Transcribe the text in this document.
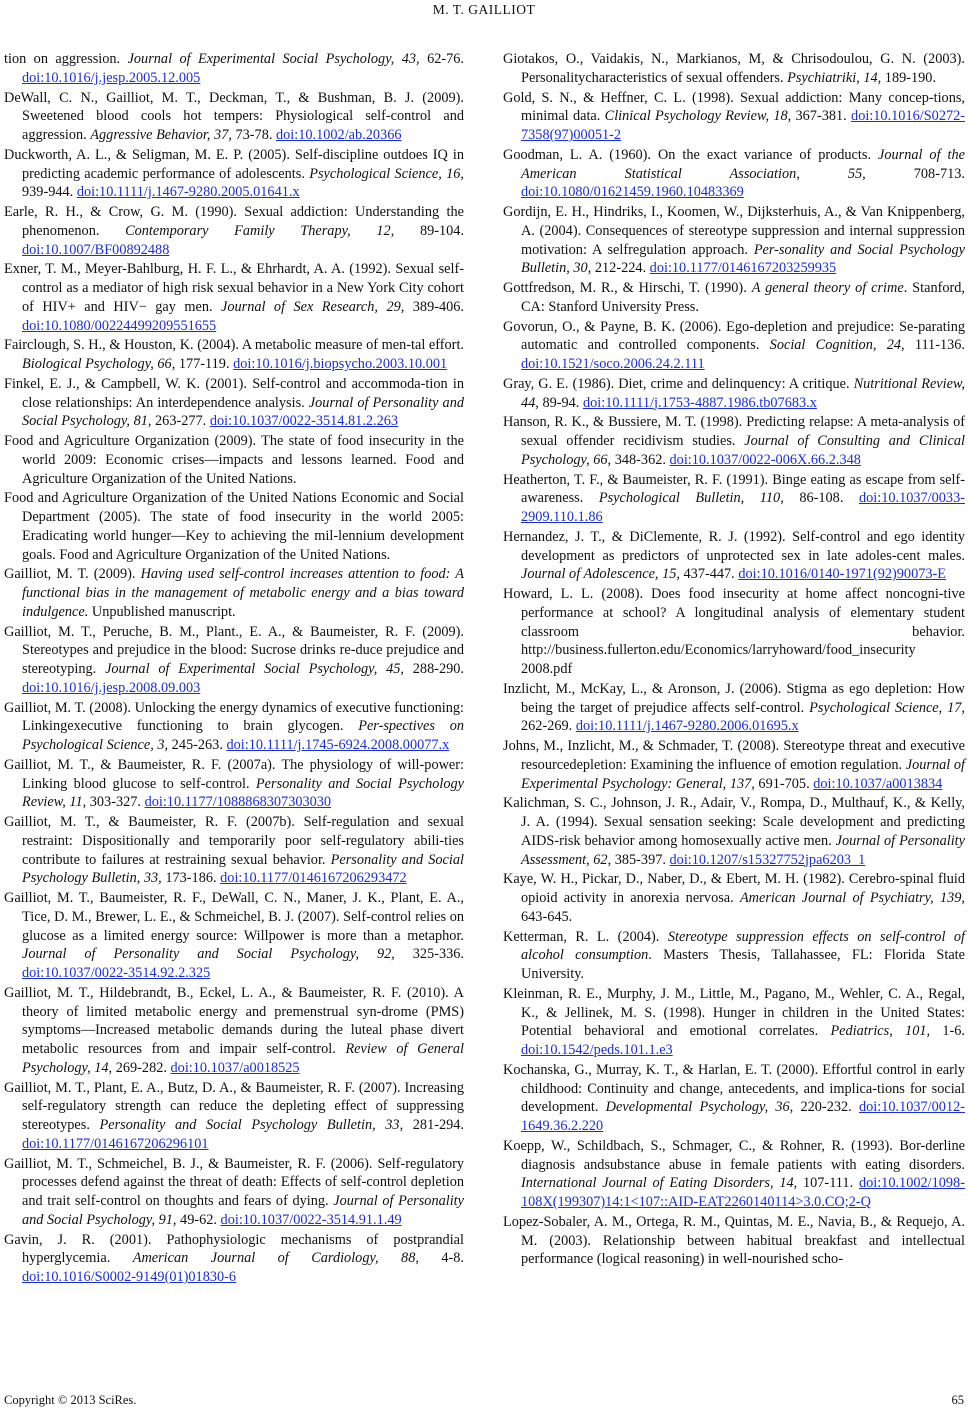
M. T. GAILLIOT

tion on aggression. Journal of Experimental Social Psychology, 43, 62-76. doi:10.1016/j.jesp.2005.12.005

DeWall, C. N., Gailliot, M. T., Deckman, T., & Bushman, B. J. (2009). Sweetened blood cools hot tempers: Physiological self-control and aggression. Aggressive Behavior, 37, 73-78. doi:10.1002/ab.20366

Duckworth, A. L., & Seligman, M. E. P. (2005). Self-discipline outdoes IQ in predicting academic performance of adolescents. Psychological Science, 16, 939-944. doi:10.1111/j.1467-9280.2005.01641.x

Earle, R. H., & Crow, G. M. (1990). Sexual addiction: Understanding the phenomenon. Contemporary Family Therapy, 12, 89-104. doi:10.1007/BF00892488

Exner, T. M., Meyer-Bahlburg, H. F. L., & Ehrhardt, A. A. (1992). Sexual self-control as a mediator of high risk sexual behavior in a New York City cohort of HIV+ and HIV− gay men. Journal of Sex Research, 29, 389-406. doi:10.1080/00224499209551655

Fairclough, S. H., & Houston, K. (2004). A metabolic measure of men-tal effort. Biological Psychology, 66, 177-119. doi:10.1016/j.biopsycho.2003.10.001

Finkel, E. J., & Campbell, W. K. (2001). Self-control and accommoda-tion in close relationships: An interdependence analysis. Journal of Personality and Social Psychology, 81, 263-277. doi:10.1037/0022-3514.81.2.263

Food and Agriculture Organization (2009). The state of food insecurity in the world 2009: Economic crises—impacts and lessons learned. Food and Agriculture Organization of the United Nations.

Food and Agriculture Organization of the United Nations Economic and Social Department (2005). The state of food insecurity in the world 2005: Eradicating world hunger—Key to achieving the mil-lennium development goals. Food and Agriculture Organization of the United Nations.

Gailliot, M. T. (2009). Having used self-control increases attention to food: A functional bias in the management of metabolic energy and a bias toward indulgence. Unpublished manuscript.

Gailliot, M. T., Peruche, B. M., Plant., E. A., & Baumeister, R. F. (2009). Stereotypes and prejudice in the blood: Sucrose drinks re-duce prejudice and stereotyping. Journal of Experimental Social Psychology, 45, 288-290. doi:10.1016/j.jesp.2008.09.003

Gailliot, M. T. (2008). Unlocking the energy dynamics of executive functioning: Linkingexecutive functioning to brain glycogen. Per-spectives on Psychological Science, 3, 245-263. doi:10.1111/j.1745-6924.2008.00077.x

Gailliot, M. T., & Baumeister, R. F. (2007a). The physiology of will-power: Linking blood glucose to self-control. Personality and Social Psychology Review, 11, 303-327. doi:10.1177/1088868307303030

Gailliot, M. T., & Baumeister, R. F. (2007b). Self-regulation and sexual restraint: Dispositionally and temporarily poor self-regulatory abili-ties contribute to failures at restraining sexual behavior. Personality and Social Psychology Bulletin, 33, 173-186. doi:10.1177/0146167206293472

Gailliot, M. T., Baumeister, R. F., DeWall, C. N., Maner, J. K., Plant, E. A., Tice, D. M., Brewer, L. E., & Schmeichel, B. J. (2007). Self-control relies on glucose as a limited energy source: Willpower is more than a metaphor. Journal of Personality and Social Psychology, 92, 325-336. doi:10.1037/0022-3514.92.2.325

Gailliot, M. T., Hildebrandt, B., Eckel, L. A., & Baumeister, R. F. (2010). A theory of limited metabolic energy and premenstrual syn-drome (PMS) symptoms—Increased metabolic demands during the luteal phase divert metabolic resources from and impair self-control. Review of General Psychology, 14, 269-282. doi:10.1037/a0018525

Gailliot, M. T., Plant, E. A., Butz, D. A., & Baumeister, R. F. (2007). Increasing self-regulatory strength can reduce the depleting effect of suppressing stereotypes. Personality and Social Psychology Bulletin, 33, 281-294. doi:10.1177/0146167206296101

Gailliot, M. T., Schmeichel, B. J., & Baumeister, R. F. (2006). Self-regulatory processes defend against the threat of death: Effects of self-control depletion and trait self-control on thoughts and fears of dying. Journal of Personality and Social Psychology, 91, 49-62. doi:10.1037/0022-3514.91.1.49

Gavin, J. R. (2001). Pathophysiologic mechanisms of postprandial hyperglycemia. American Journal of Cardiology, 88, 4-8. doi:10.1016/S0002-9149(01)01830-6

Giotakos, O., Vaidakis, N., Markianos, M, & Chrisodoulou, G. N. (2003). Personalitycharacteristics of sexual offenders. Psychiatriki, 14, 189-190.

Gold, S. N., & Heffner, C. L. (1998). Sexual addiction: Many concep-tions, minimal data. Clinical Psychology Review, 18, 367-381. doi:10.1016/S0272-7358(97)00051-2

Goodman, L. A. (1960). On the exact variance of products. Journal of the American Statistical Association, 55, 708-713. doi:10.1080/01621459.1960.10483369

Gordijn, E. H., Hindriks, I., Koomen, W., Dijksterhuis, A., & Van Knippenberg, A. (2004). Consequences of stereotype suppression and internal suppression motivation: A selfregulation approach. Per-sonality and Social Psychology Bulletin, 30, 212-224. doi:10.1177/0146167203259935

Gottfredson, M. R., & Hirschi, T. (1990). A general theory of crime. Stanford, CA: Stanford University Press.

Govorun, O., & Payne, B. K. (2006). Ego-depletion and prejudice: Se-parating automatic and controlled components. Social Cognition, 24, 111-136. doi:10.1521/soco.2006.24.2.111

Gray, G. E. (1986). Diet, crime and delinquency: A critique. Nutritional Review, 44, 89-94. doi:10.1111/j.1753-4887.1986.tb07683.x

Hanson, R. K., & Bussiere, M. T. (1998). Predicting relapse: A meta-analysis of sexual offender recidivism studies. Journal of Consulting and Clinical Psychology, 66, 348-362. doi:10.1037/0022-006X.66.2.348

Heatherton, T. F., & Baumeister, R. F. (1991). Binge eating as escape from self-awareness. Psychological Bulletin, 110, 86-108. doi:10.1037/0033-2909.110.1.86

Hernandez, J. T., & DiClemente, R. J. (1992). Self-control and ego identity development as predictors of unprotected sex in late adoles-cent males. Journal of Adolescence, 15, 437-447. doi:10.1016/0140-1971(92)90073-E

Howard, L. L. (2008). Does food insecurity at home affect noncogni-tive performance at school? A longitudinal analysis of elementary student classroom behavior. http://business.fullerton.edu/Economics/larryhoward/food_insecurity 2008.pdf

Inzlicht, M., McKay, L., & Aronson, J. (2006). Stigma as ego depletion: How being the target of prejudice affects self-control. Psychological Science, 17, 262-269. doi:10.1111/j.1467-9280.2006.01695.x

Johns, M., Inzlicht, M., & Schmader, T. (2008). Stereotype threat and executive resourcedepletion: Examining the influence of emotion regulation. Journal of Experimental Psychology: General, 137, 691-705. doi:10.1037/a0013834

Kalichman, S. C., Johnson, J. R., Adair, V., Rompa, D., Multhauf, K., & Kelly, J. A. (1994). Sexual sensation seeking: Scale development and predicting AIDS-risk behavior among homosexually active men. Journal of Personality Assessment, 62, 385-397. doi:10.1207/s15327752jpa6203_1

Kaye, W. H., Pickar, D., Naber, D., & Ebert, M. H. (1982). Cerebro-spinal fluid opioid activity in anorexia nervosa. American Journal of Psychiatry, 139, 643-645.

Ketterman, R. L. (2004). Stereotype suppression effects on self-control of alcohol consumption. Masters Thesis, Tallahassee, FL: Florida State University.

Kleinman, R. E., Murphy, J. M., Little, M., Pagano, M., Wehler, C. A., Regal, K., & Jellinek, M. S. (1998). Hunger in children in the United States: Potential behavioral and emotional correlates. Pediatrics, 101, 1-6. doi:10.1542/peds.101.1.e3

Kochanska, G., Murray, K. T., & Harlan, E. T. (2000). Effortful control in early childhood: Continuity and change, antecedents, and implica-tions for social development. Developmental Psychology, 36, 220-232. doi:10.1037/0012-1649.36.2.220

Koepp, W., Schildbach, S., Schmager, C., & Rohner, R. (1993). Bor-derline diagnosis andsubstance abuse in female patients with eating disorders. International Journal of Eating Disorders, 14, 107-111. doi:10.1002/1098-108X(199307)14:1<107::AID-EAT2260140114>3.0.CO;2-Q

Lopez-Sobaler, A. M., Ortega, R. M., Quintas, M. E., Navia, B., & Requejo, A. M. (2003). Relationship between habitual breakfast and intellectual performance (logical reasoning) in well-nourished scho-

Copyright © 2013 SciRes.	65
